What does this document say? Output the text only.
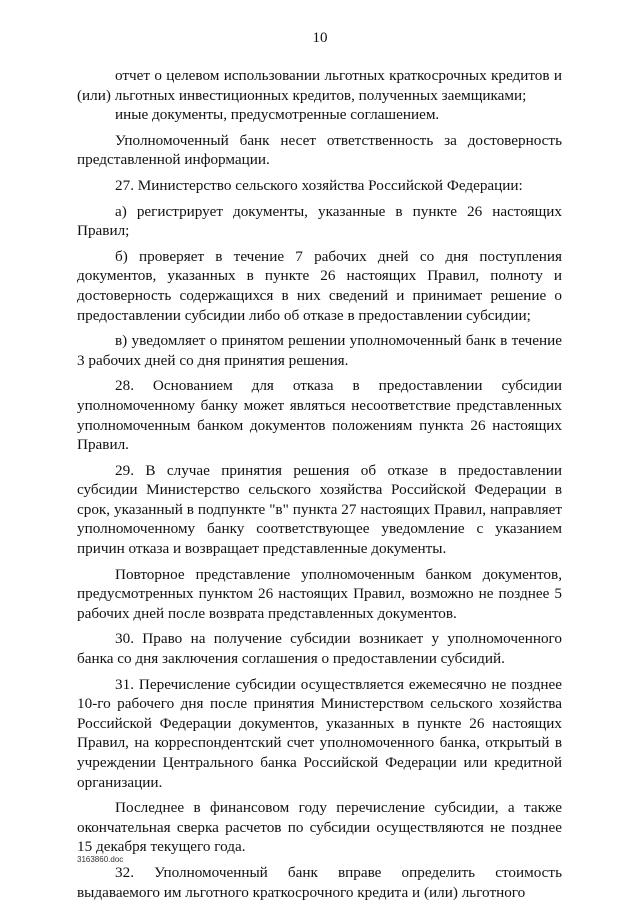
10

отчет о целевом использовании льготных краткосрочных кредитов и (или) льготных инвестиционных кредитов, полученных заемщиками;

иные документы, предусмотренные соглашением.

Уполномоченный банк несет ответственность за достоверность представленной информации.

27. Министерство сельского хозяйства Российской Федерации:

а) регистрирует документы, указанные в пункте 26 настоящих Правил;

б) проверяет в течение 7 рабочих дней со дня поступления документов, указанных в пункте 26 настоящих Правил, полноту и достоверность содержащихся в них сведений и принимает решение о предоставлении субсидии либо об отказе в предоставлении субсидии;

в) уведомляет о принятом решении уполномоченный банк в течение 3 рабочих дней со дня принятия решения.

28. Основанием для отказа в предоставлении субсидии уполномоченному банку может являться несоответствие представленных уполномоченным банком документов положениям пункта 26 настоящих Правил.

29. В случае принятия решения об отказе в предоставлении субсидии Министерство сельского хозяйства Российской Федерации в срок, указанный в подпункте "в" пункта 27 настоящих Правил, направляет уполномоченному банку соответствующее уведомление с указанием причин отказа и возвращает представленные документы.

Повторное представление уполномоченным банком документов, предусмотренных пунктом 26 настоящих Правил, возможно не позднее 5 рабочих дней после возврата представленных документов.

30. Право на получение субсидии возникает у уполномоченного банка со дня заключения соглашения о предоставлении субсидий.

31. Перечисление субсидии осуществляется ежемесячно не позднее 10-го рабочего дня после принятия Министерством сельского хозяйства Российской Федерации документов, указанных в пункте 26 настоящих Правил, на корреспондентский счет уполномоченного банка, открытый в учреждении Центрального банка Российской Федерации или кредитной организации.

Последнее в финансовом году перечисление субсидии, а также окончательная сверка расчетов по субсидии осуществляются не позднее 15 декабря текущего года.

32. Уполномоченный банк вправе определить стоимость выдаваемого им льготного краткосрочного кредита и (или) льготного

3163860.doc
